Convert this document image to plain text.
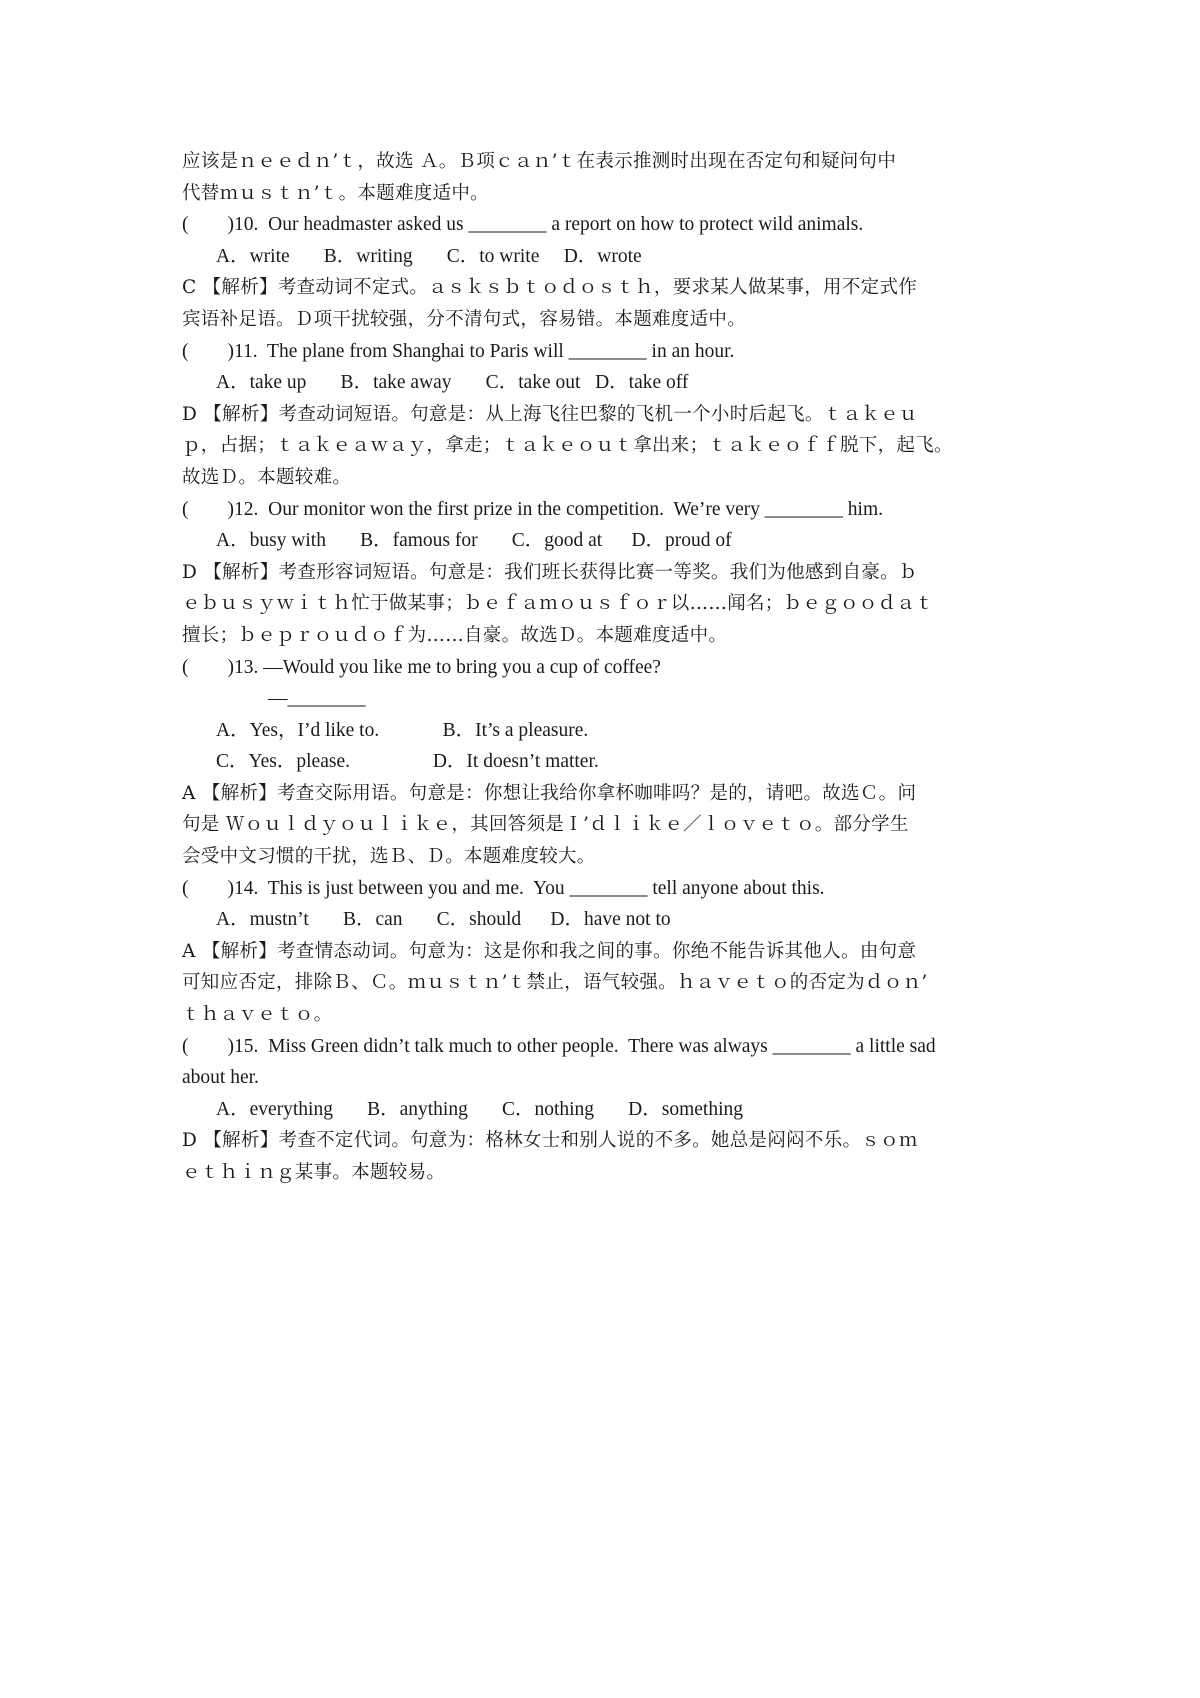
应该是ｎｅｅｄｎ’ｔ，故选 Ａ。Ｂ项ｃａｎ’ｔ在表示推测时出现在否定句和疑问句中
代替ｍｕｓｔｎ’ｔ。本题难度适中。
(　　)10.  Our headmaster asked us ________ a report on how to protect wild animals.
A．write       B．writing       C．to write     D．wrote
C 【解析】考查动词不定式。ａｓｋｓｂｔｏｄｏｓｔｈ，要求某人做某事，用不定式作
宾语补足语。Ｄ项干扰较强，分不清句式，容易错。本题难度适中。
(　　)11.  The plane from Shanghai to Paris will ________ in an hour.
A．take up       B．take away       C．take out   D．take off
D 【解析】考查动词短语。句意是：从上海飞往巴黎的飞机一个小时后起飞。ｔａｋｅｕ
ｐ，占据；ｔａｋｅａｗａｙ，拿走；ｔａｋｅｏｕｔ拿出来；ｔａｋｅｏｆｆ脱下，起飞。
故选Ｄ。本题较难。
(　　)12.  Our monitor won the first prize in the competition.  We’re very ________ him.
A．busy with       B．famous for       C．good at      D．proud of
D 【解析】考查形容词短语。句意是：我们班长获得比赛一等奖。我们为他感到自豪。ｂ
ｅｂｕｓｙｗｉｔｈ忙于做某事；ｂｅｆａｍｏｕｓｆｏｒ以……闻名；ｂｅｇｏｏｄａｔ
擅长；ｂｅｐｒｏｕｄｏｆ为……自豪。故选Ｄ。本题难度适中。
(　　)13. —Would you like me to bring you a cup of coffee?
—________
A．Yes，I’d like to.             B．It’s a pleasure.
C．Yes．please.                 D．It doesn’t matter.
A 【解析】考查交际用语。句意是：你想让我给你拿杯咖啡吗？是的，请吧。故选Ｃ。问
句是 Ｗｏｕｌｄｙｏｕｌｉｋｅ，其回答须是Ｉ’ｄｌｉｋｅ／ｌｏｖｅｔｏ。部分学生
会受中文习惯的干扰，选Ｂ、Ｄ。本题难度较大。
(　　)14.  This is just between you and me.  You ________ tell anyone about this.
A．mustn’t       B．can       C．should      D．have not to
A 【解析】考查情态动词。句意为：这是你和我之间的事。你绝不能告诉其他人。由句意
可知应否定，排除Ｂ、Ｃ。ｍｕｓｔｎ’ｔ禁止，语气较强。ｈａｖｅｔｏ的否定为ｄｏｎ’
ｔｈａｖｅｔｏ。
(　　)15.  Miss Green didn’t talk much to other people.  There was always ________ a little sad
about her.
A．everything       B．anything       C．nothing       D．something
D 【解析】考查不定代词。句意为：格林女士和别人说的不多。她总是闷闷不乐。ｓｏｍ
ｅｔｈｉｎｇ某事。本题较易。
